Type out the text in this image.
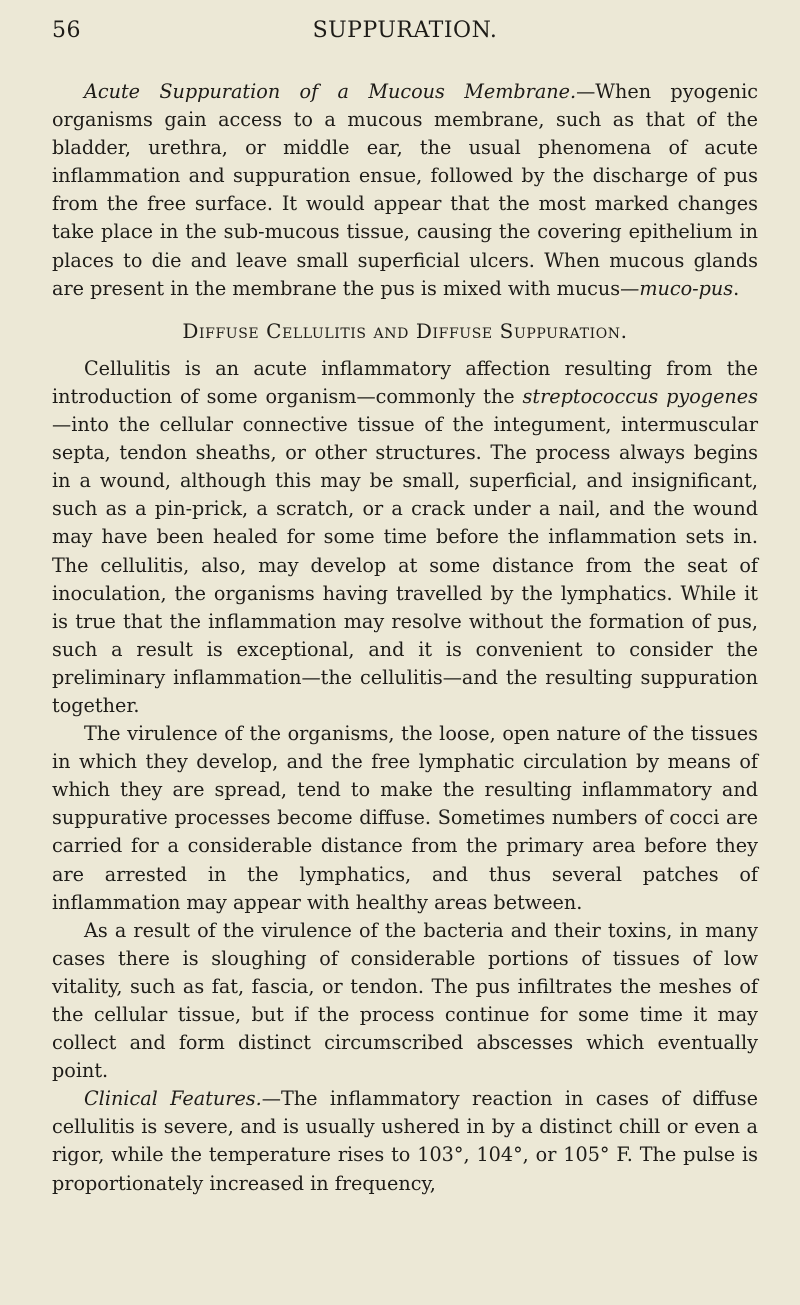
56	SUPPURATION.

Acute Suppuration of a Mucous Membrane.—When pyogenic organisms gain access to a mucous membrane, such as that of the bladder, urethra, or middle ear, the usual phenomena of acute inflammation and suppuration ensue, followed by the discharge of pus from the free surface. It would appear that the most marked changes take place in the sub-mucous tissue, causing the covering epithelium in places to die and leave small superficial ulcers. When mucous glands are present in the membrane the pus is mixed with mucus—muco-pus.

Diffuse Cellulitis and Diffuse Suppuration.

Cellulitis is an acute inflammatory affection resulting from the introduction of some organism—commonly the streptococcus pyogenes—into the cellular connective tissue of the integument, intermuscular septa, tendon sheaths, or other structures. The process always begins in a wound, although this may be small, superficial, and insignificant, such as a pin-prick, a scratch, or a crack under a nail, and the wound may have been healed for some time before the inflammation sets in. The cellulitis, also, may develop at some distance from the seat of inoculation, the organisms having travelled by the lymphatics. While it is true that the inflammation may resolve without the formation of pus, such a result is exceptional, and it is convenient to consider the preliminary inflammation—the cellulitis—and the resulting suppuration together.

The virulence of the organisms, the loose, open nature of the tissues in which they develop, and the free lymphatic circulation by means of which they are spread, tend to make the resulting inflammatory and suppurative processes become diffuse. Sometimes numbers of cocci are carried for a considerable distance from the primary area before they are arrested in the lymphatics, and thus several patches of inflammation may appear with healthy areas between.

As a result of the virulence of the bacteria and their toxins, in many cases there is sloughing of considerable portions of tissues of low vitality, such as fat, fascia, or tendon. The pus infiltrates the meshes of the cellular tissue, but if the process continue for some time it may collect and form distinct circumscribed abscesses which eventually point.

Clinical Features.—The inflammatory reaction in cases of diffuse cellulitis is severe, and is usually ushered in by a distinct chill or even a rigor, while the temperature rises to 103°, 104°, or 105° F. The pulse is proportionately increased in frequency,
